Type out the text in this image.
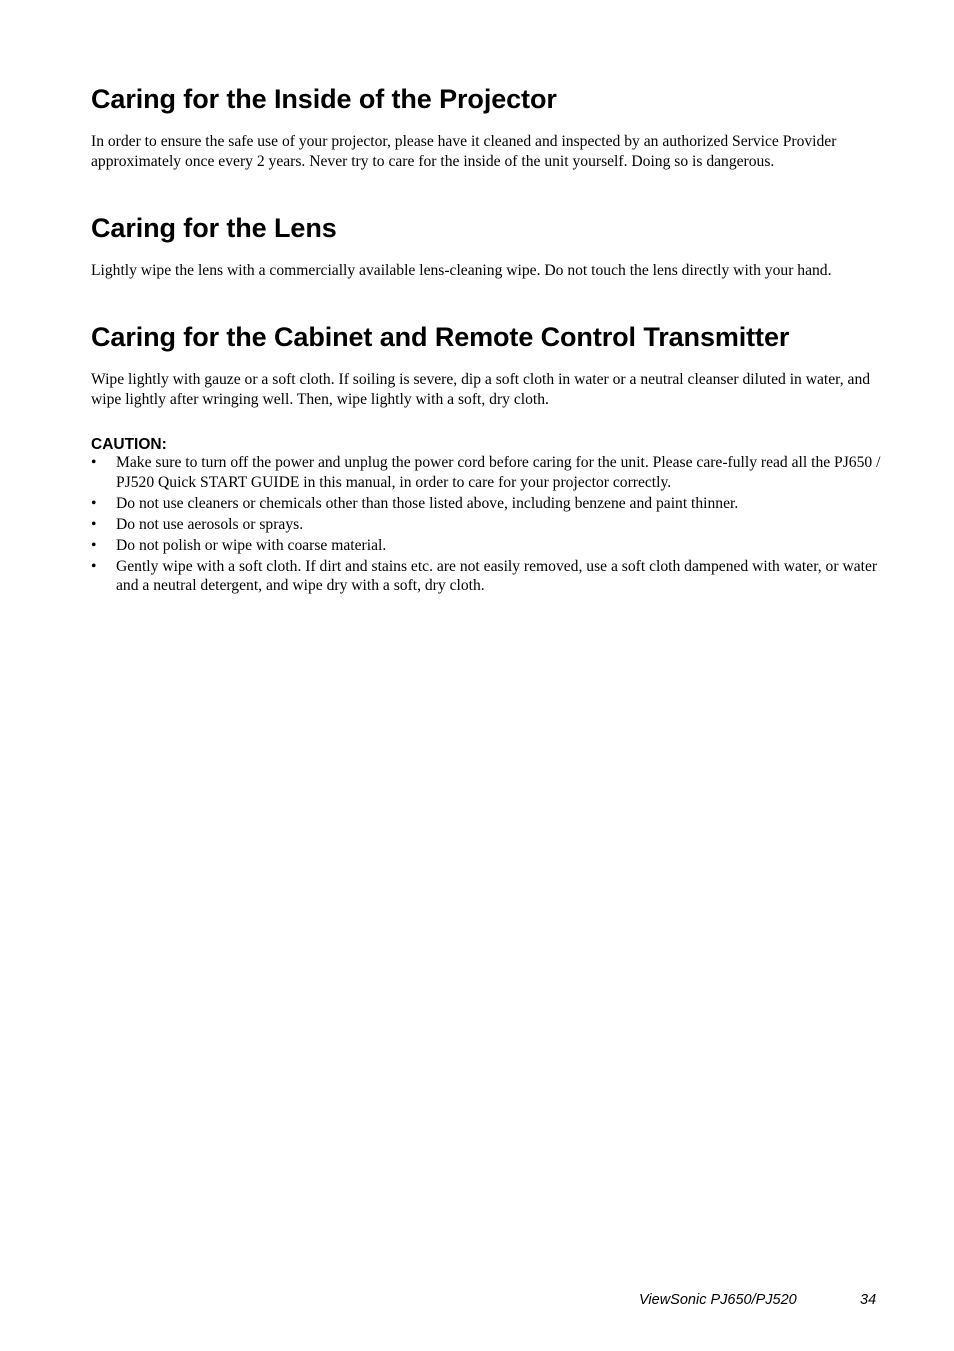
Caring for the Inside of the Projector

In order to ensure the safe use of your projector, please have it cleaned and inspected by an authorized Service Provider approximately once every 2 years. Never try to care for the inside of the unit yourself. Doing so is dangerous.

Caring for the Lens

Lightly wipe the lens with a commercially available lens-cleaning wipe. Do not touch the lens directly with your hand.

Caring for the Cabinet and Remote Control Transmitter

Wipe lightly with gauze or a soft cloth. If soiling is severe, dip a soft cloth in water or a neutral cleanser diluted in water, and wipe lightly after wringing well. Then, wipe lightly with a soft, dry cloth.

CAUTION:
• Make sure to turn off the power and unplug the power cord before caring for the unit. Please care-fully read all the PJ650 / PJ520 Quick START GUIDE in this manual, in order to care for your projector correctly.
• Do not use cleaners or chemicals other than those listed above, including benzene and paint thinner.
• Do not use aerosols or sprays.
• Do not polish or wipe with coarse material.
• Gently wipe with a soft cloth. If dirt and stains etc. are not easily removed, use a soft cloth dampened with water, or water and a neutral detergent, and wipe dry with a soft, dry cloth.
ViewSonic PJ650/PJ520	34
